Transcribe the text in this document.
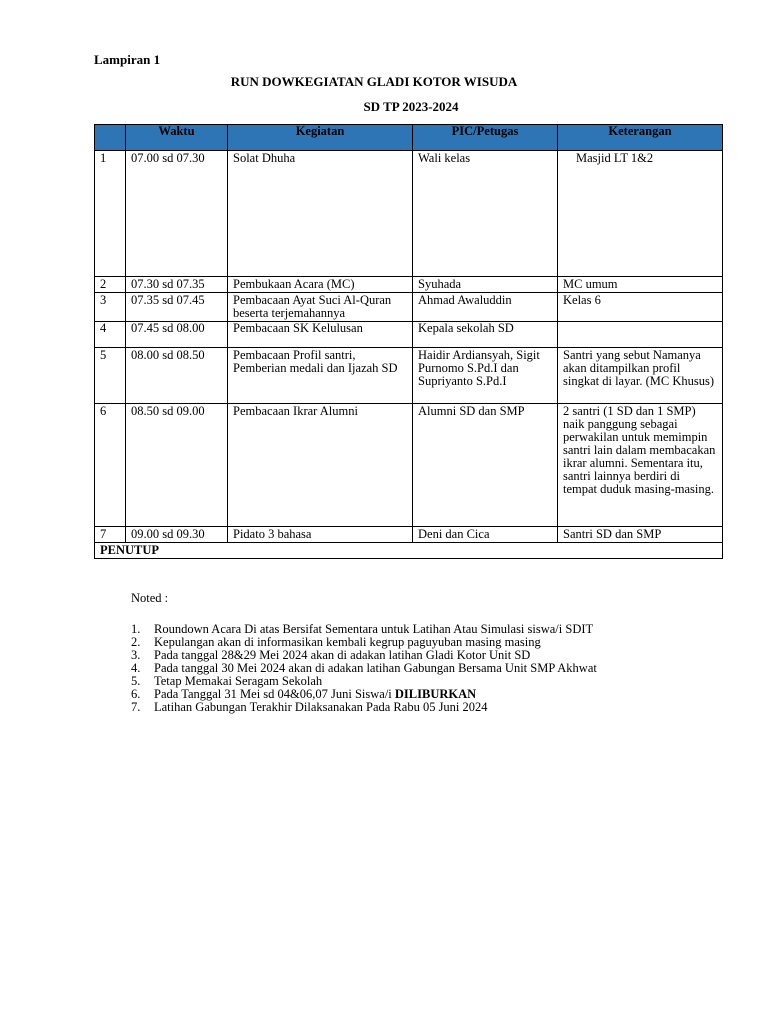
Lampiran 1
RUN DOWKEGIATAN GLADI KOTOR WISUDA
SD TP 2023-2024
	Waktu	Kegiatan	PIC/Petugas	Keterangan
1	07.00 sd 07.30	Solat Dhuha	Wali kelas	Masjid LT 1&2
2	07.30 sd 07.35	Pembukaan Acara (MC)	Syuhada	MC umum
3	07.35 sd 07.45	Pembacaan Ayat Suci Al-Quran beserta terjemahannya	Ahmad Awaluddin	Kelas 6
4	07.45 sd 08.00	Pembacaan SK Kelulusan	Kepala sekolah SD	
5	08.00 sd 08.50	Pembacaan Profil santri, Pemberian medali dan Ijazah SD	Haidir Ardiansyah, Sigit Purnomo S.Pd.I dan Supriyanto S.Pd.I	Santri yang sebut Namanya akan ditampilkan profil singkat di layar. (MC Khusus)
6	08.50 sd 09.00	Pembacaan Ikrar Alumni	Alumni SD dan SMP	2 santri (1 SD dan 1 SMP) naik panggung sebagai perwakilan untuk memimpin santri lain dalam membacakan ikrar alumni. Sementara itu, santri lainnya berdiri di tempat duduk masing-masing.
7	09.00 sd 09.30	Pidato 3 bahasa	Deni dan Cica	Santri SD dan SMP
PENUTUP				
Noted :
1.	Roundown Acara Di atas Bersifat Sementara untuk Latihan Atau Simulasi siswa/i SDIT
2.	Kepulangan akan di informasikan kembali kegrup paguyuban masing masing
3.	Pada tanggal 28&29 Mei 2024 akan di adakan latihan Gladi Kotor Unit SD
4.	Pada tanggal 30 Mei 2024 akan di adakan latihan Gabungan Bersama Unit SMP Akhwat
5.	Tetap Memakai Seragam Sekolah
6.	Pada Tanggal 31 Mei sd 04&06,07 Juni Siswa/i DILIBURKAN
7.	Latihan Gabungan Terakhir Dilaksanakan Pada Rabu 05 Juni 2024
